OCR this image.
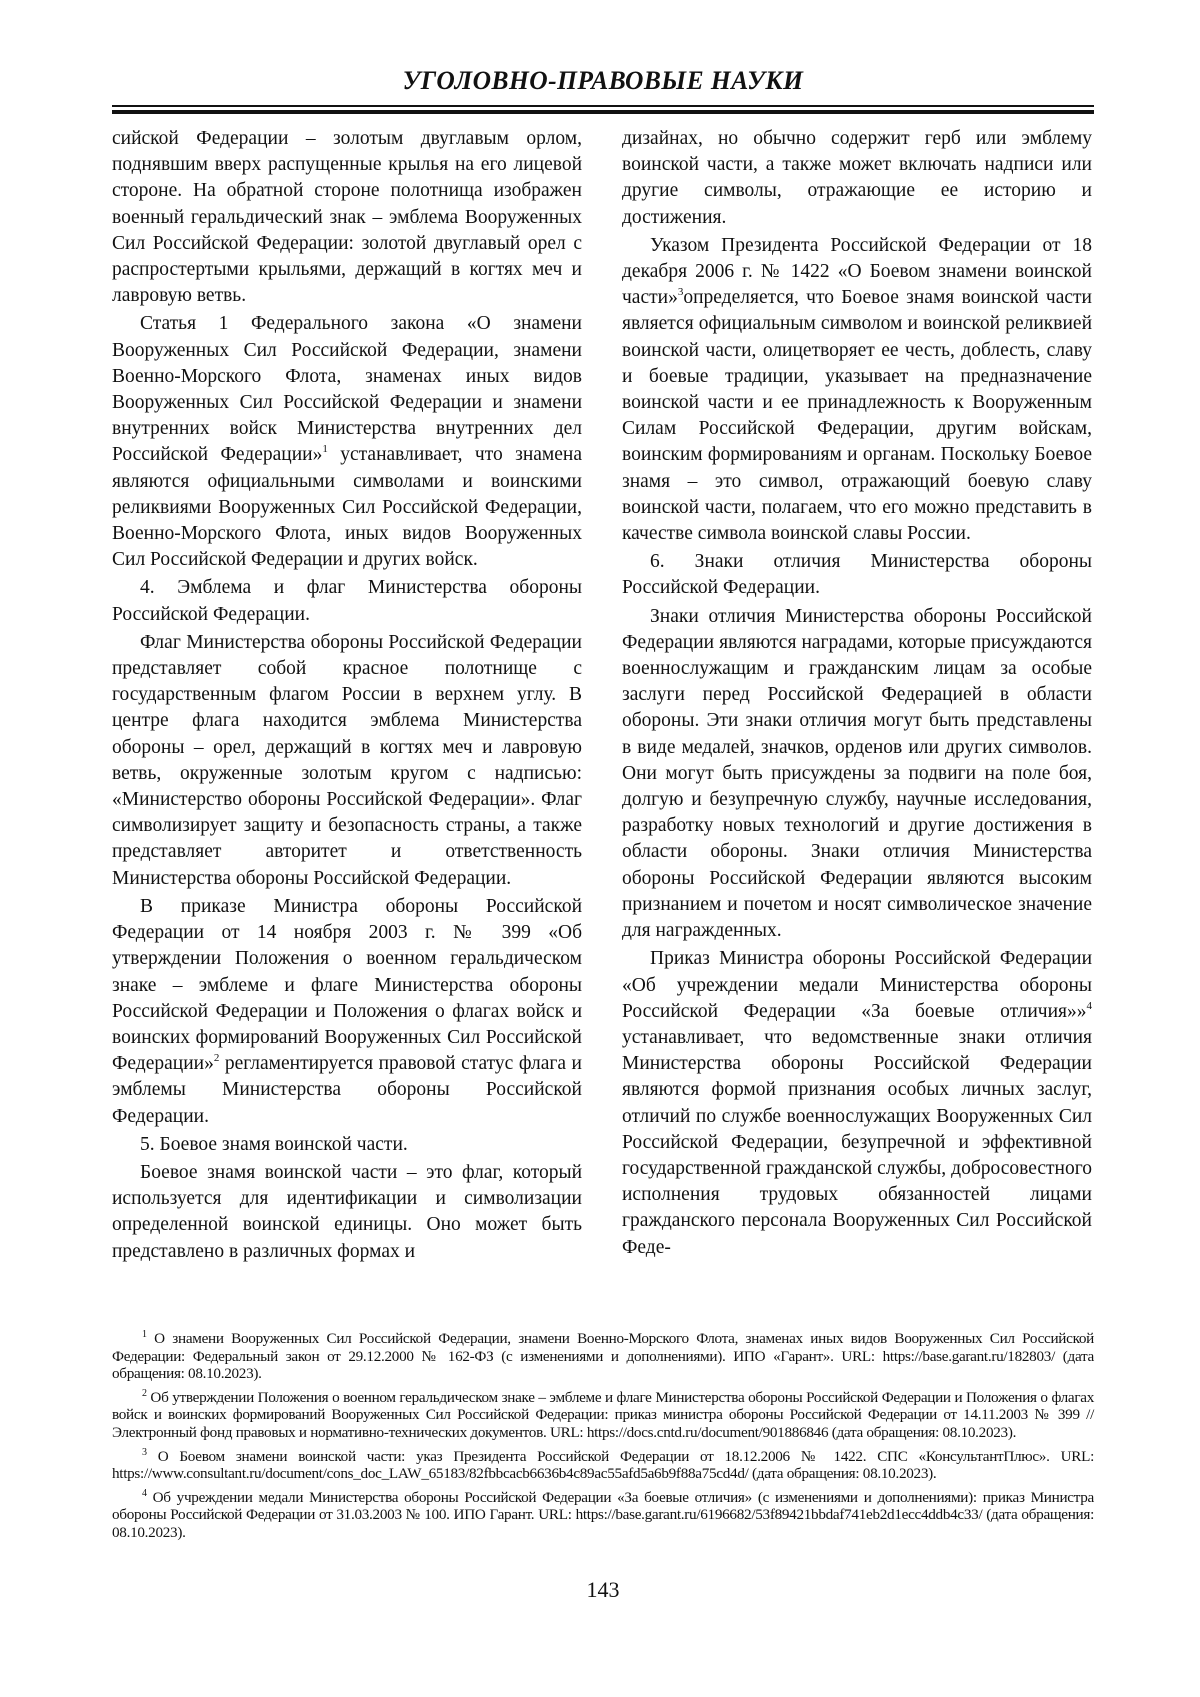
УГОЛОВНО-ПРАВОВЫЕ НАУКИ

сийской Федерации – золотым двуглавым орлом, поднявшим вверх распущенные крылья на его лицевой стороне. На обратной стороне полотнища изображен военный геральдический знак – эмблема Вооруженных Сил Российской Федерации: золотой двуглавый орел с распростертыми крыльями, держащий в когтях меч и лавровую ветвь.

Статья 1 Федерального закона «О знамени Вооруженных Сил Российской Федерации, знамени Военно-Морского Флота, знаменах иных видов Вооруженных Сил Российской Федерации и знамени внутренних войск Министерства внутренних дел Российской Федерации»$^1$ устанавливает, что знамена являются официальными символами и воинскими реликвиями Вооруженных Сил Российской Федерации, Военно-Морского Флота, иных видов Вооруженных Сил Российской Федерации и других войск.

4. Эмблема и флаг Министерства обороны Российской Федерации.

Флаг Министерства обороны Российской Федерации представляет собой красное полотнище с государственным флагом России в верхнем углу. В центре флага находится эмблема Министерства обороны – орел, держащий в когтях меч и лавровую ветвь, окруженные золотым кругом с надписью: «Министерство обороны Российской Федерации». Флаг символизирует защиту и безопасность страны, а также представляет авторитет и ответственность Министерства обороны Российской Федерации.

В приказе Министра обороны Российской Федерации от 14 ноября 2003 г. № 399 «Об утверждении Положения о военном геральдическом знаке – эмблеме и флаге Министерства обороны Российской Федерации и Положения о флагах войск и воинских формирований Вооруженных Сил Российской Федерации»$^2$ регламентируется правовой статус флага и эмблемы Министерства обороны Российской Федерации.

5. Боевое знамя воинской части.

Боевое знамя воинской части – это флаг, который используется для идентификации и символизации определенной воинской единицы. Оно может быть представлено в различных формах и

дизайнах, но обычно содержит герб или эмблему воинской части, а также может включать надписи или другие символы, отражающие ее историю и достижения.

Указом Президента Российской Федерации от 18 декабря 2006 г. № 1422 «О Боевом знамени воинской части»$^3$определяется, что Боевое знамя воинской части является официальным символом и воинской реликвией воинской части, олицетворяет ее честь, доблесть, славу и боевые традиции, указывает на предназначение воинской части и ее принадлежность к Вооруженным Силам Российской Федерации, другим войскам, воинским формированиям и органам. Поскольку Боевое знамя – это символ, отражающий боевую славу воинской части, полагаем, что его можно представить в качестве символа воинской славы России.

6. Знаки отличия Министерства обороны Российской Федерации.

Знаки отличия Министерства обороны Российской Федерации являются наградами, которые присуждаются военнослужащим и гражданским лицам за особые заслуги перед Российской Федерацией в области обороны. Эти знаки отличия могут быть представлены в виде медалей, значков, орденов или других символов. Они могут быть присуждены за подвиги на поле боя, долгую и безупречную службу, научные исследования, разработку новых технологий и другие достижения в области обороны. Знаки отличия Министерства обороны Российской Федерации являются высоким признанием и почетом и носят символическое значение для награжденных.

Приказ Министра обороны Российской Федерации «Об учреждении медали Министерства обороны Российской Федерации «За боевые отличия»»$^4$ устанавливает, что ведомственные знаки отличия Министерства обороны Российской Федерации являются формой признания особых личных заслуг, отличий по службе военнослужащих Вооруженных Сил Российской Федерации, безупречной и эффективной государственной гражданской службы, добросовестного исполнения трудовых обязанностей лицами гражданского персонала Вооруженных Сил Российской Феде-

$^1$ О знамени Вооруженных Сил Российской Федерации, знамени Военно-Морского Флота, знаменах иных видов Вооруженных Сил Российской Федерации: Федеральный закон от 29.12.2000 № 162-ФЗ (с изменениями и дополнениями). ИПО «Гарант». URL: https://base.garant.ru/182803/ (дата обращения: 08.10.2023).

$^2$ Об утверждении Положения о военном геральдическом знаке – эмблеме и флаге Министерства обороны Российской Федерации и Положения о флагах войск и воинских формирований Вооруженных Сил Российской Федерации: приказ министра обороны Российской Федерации от 14.11.2003 № 399 // Электронный фонд правовых и нормативно-технических документов. URL: https://docs.cntd.ru/document/901886846 (дата обращения: 08.10.2023).

$^3$ О Боевом знамени воинской части: указ Президента Российской Федерации от 18.12.2006 № 1422. СПС «КонсультантПлюс». URL: https://www.consultant.ru/document/cons_doc_LAW_65183/82fbbcacb6636b4c89ac55afd5a6b9f88a75cd4d/ (дата обращения: 08.10.2023).

$^4$ Об учреждении медали Министерства обороны Российской Федерации «За боевые отличия» (с изменениями и дополнениями): приказ Министра обороны Российской Федерации от 31.03.2003 № 100. ИПО Гарант. URL: https://base.garant.ru/6196682/53f89421bbdaf741eb2d1ecc4ddb4c33/ (дата обращения: 08.10.2023).

143
